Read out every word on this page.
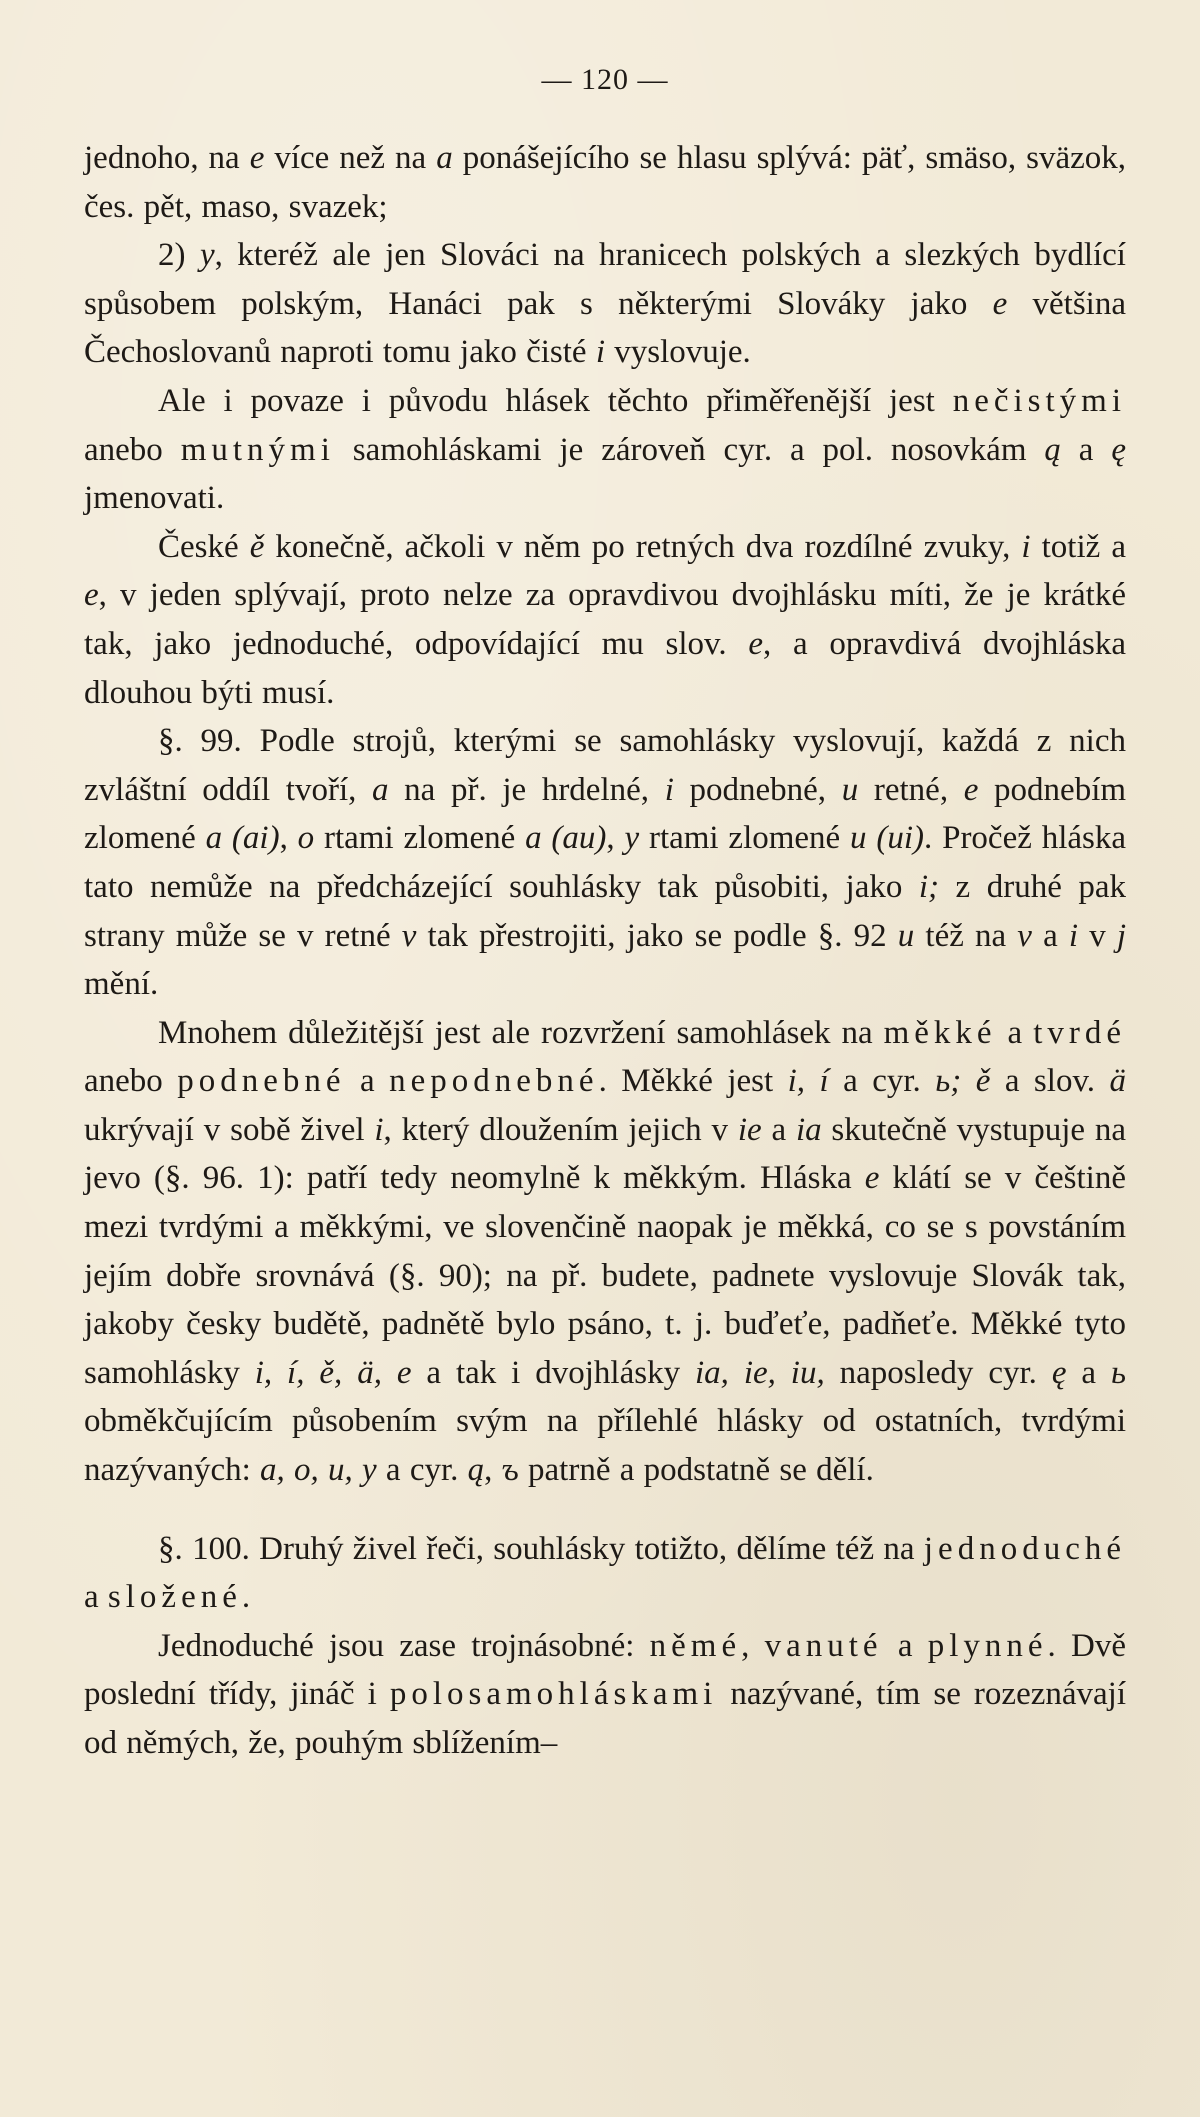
— 120 —

jednoho, na e více než na a ponášejícího se hlasu splývá: päť, smäso, sväzok, čes. pět, maso, svazek;

2) y, kteréž ale jen Slováci na hranicech polských a slezkých bydlící spůsobem polským, Hanáci pak s některými Slováky jako e většina Čechoslovanů naproti tomu jako čisté i vyslovuje.

Ale i povaze i původu hlásek těchto přiměřenější jest nečistými anebo mutnými samohláskami je zároveň cyr. a pol. nosovkám ą a ę jmenovati.

České ě konečně, ačkoli v něm po retných dva rozdílné zvuky, i totiž a e, v jeden splývají, proto nelze za opravdivou dvojhlásku míti, že je krátké tak, jako jednoduché, odpovídající mu slov. e, a opravdivá dvojhláska dlouhou býti musí.

§. 99. Podle strojů, kterými se samohlásky vyslovují, každá z nich zvláštní oddíl tvoří, a na př. je hrdelné, i podnebné, u retné, e podnebím zlomené a (ai), o rtami zlomené a (au), y rtami zlomené u (ui). Pročež hláska tato nemůže na předcházející souhlásky tak působiti, jako i; z druhé pak strany může se v retné v tak přestrojiti, jako se podle §. 92 u též na v a i v j mění.

Mnohem důležitější jest ale rozvržení samohlásek na měkké a tvrdé anebo podnebné a nepodnebné. Měkké jest i, í a cyr. ь; ě a slov. ä ukrývají v sobě živel i, který dloužením jejich v ie a ia skutečně vystupuje na jevo (§. 96. 1): patří tedy neomylně k měkkým. Hláska e klátí se v češtině mezi tvrdými a měkkými, ve slovenčině naopak je měkká, co se s povstáním jejím dobře srovnává (§. 90); na př. budete, padnete vyslovuje Slovák tak, jakoby česky budětě, padnětě bylo psáno, t. j. buďeťe, padňeťe. Měkké tyto samohlásky i, í, ě, ä, e a tak i dvojhlásky ia, ie, iu, naposledy cyr. ę a ь obměkčujícím působením svým na přílehlé hlásky od ostatních, tvrdými nazývaných: a, o, u, y a cyr. ą, ъ patrně a podstatně se dělí.

§. 100. Druhý živel řeči, souhlásky totižto, dělíme též na jednoduché a složené.

Jednoduché jsou zase trojnásobné: němé, vanuté a plynné. Dvě poslední třídy, jináč i polosamohláskami nazývané, tím se rozeznávají od němých, že, pouhým sblížením–
